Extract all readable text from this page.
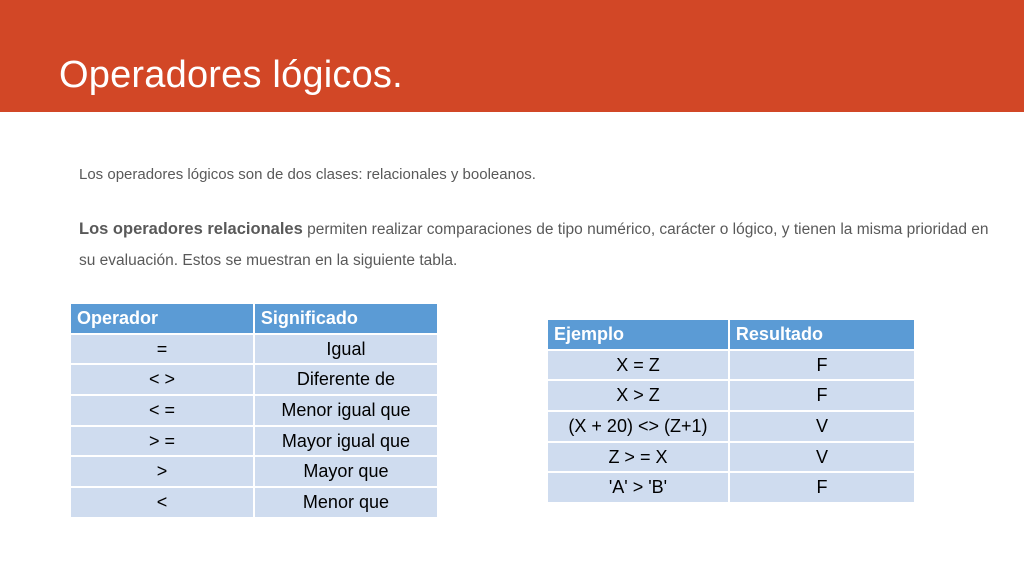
Operadores lógicos.

Los operadores lógicos son de dos clases: relacionales y booleanos.

Los operadores relacionales permiten realizar comparaciones de tipo numérico, carácter o lógico, y tienen la misma prioridad en su evaluación. Estos se muestran en la siguiente tabla.

Operador	Significado
=	Igual
< >	Diferente de
< =	Menor igual que
> =	Mayor igual que
>	Mayor que
<	Menor que
Ejemplo	Resultado
X = Z	F
X > Z	F
(X + 20) <> (Z+1)	V
Z > = X	V
'A' > 'B'	F
